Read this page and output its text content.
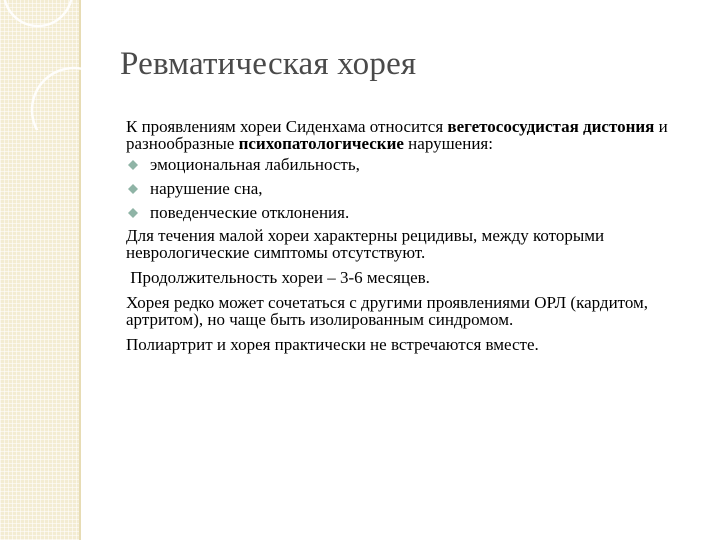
Ревматическая хорея

К проявлениям хореи Сиденхама относится вегетососудистая дистония и разнообразные психопатологические нарушения:

эмоциональная лабильность,
нарушение сна,
поведенческие отклонения.

Для течения малой хореи характерны рецидивы, между которыми неврологические симптомы отсутствуют.

Продолжительность хореи – 3-6 месяцев.

Хорея редко может сочетаться с другими проявлениями ОРЛ (кардитом, артритом), но чаще быть изолированным синдромом.

Полиартрит и хорея практически не встречаются вместе.
